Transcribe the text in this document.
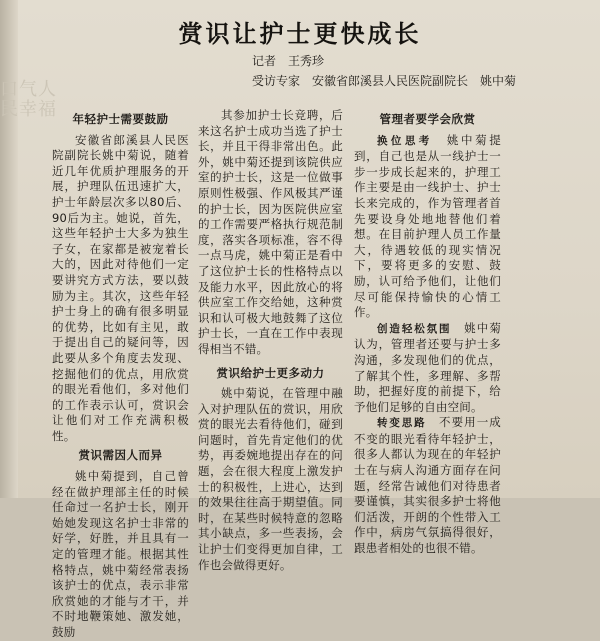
口气人民幸福
赏识让护士更快成长
记者　王秀珍
受访专家　安徽省郎溪县人民医院副院长　姚中菊
年轻护士需要鼓励

安徽省郎溪县人民医院副院长姚中菊说，随着近几年优质护理服务的开展，护理队伍迅速扩大，护士年龄层次多以80后、90后为主。她说，首先，这些年轻护士大多为独生子女，在家都是被宠着长大的，因此对待他们一定要讲究方式方法，要以鼓励为主。其次，这些年轻护士身上的确有很多明显的优势，比如有主见，敢于提出自己的疑问等，因此要从多个角度去发现、挖掘他们的优点，用欣赏的眼光看他们，多对他们的工作表示认可，赏识会让他们对工作充满积极性。

赏识需因人而异

姚中菊提到，自己曾经在做护理部主任的时候任命过一名护士长，刚开始她发现这名护士非常的好学，好胜，并且具有一定的管理才能。根据其性格特点，姚中菊经常表扬该护士的优点，表示非常欣赏她的才能与才干，并不时地鞭策她、激发她，鼓励

其参加护士长竞聘，后来这名护士成功当选了护士长，并且干得非常出色。此外，姚中菊还提到该院供应室的护士长，这是一位做事原则性极强、作风极其严谨的护士长，因为医院供应室的工作需要严格执行规范制度，落实各项标准，容不得一点马虎，姚中菊正是看中了这位护士长的性格特点以及能力水平，因此放心的将供应室工作交给她，这种赏识和认可极大地鼓舞了这位护士长，一直在工作中表现得相当不错。

赏识给护士更多动力

姚中菊说，在管理中融入对护理队伍的赏识，用欣赏的眼光去看待他们，碰到问题时，首先肯定他们的优势，再委婉地提出存在的问题，会在很大程度上激发护士的积极性，上进心，达到的效果往往高于期望值。同时，在某些时候特意的忽略其小缺点，多一些表扬，会让护士们变得更加自律，工作也会做得更好。

管理者要学会欣赏

换位思考　 姚中菊提到，自己也是从一线护士一步一步成长起来的，护理工作主要是由一线护士、护士长来完成的，作为管理者首先要设身处地地替他们着想。在目前护理人员工作量大，待遇较低的现实情况下，要将更多的安慰、鼓励，认可给予他们，让他们尽可能保持愉快的心情工作。

创造轻松氛围　 姚中菊认为，管理者还要与护士多沟通，多发现他们的优点，了解其个性，多理解、多帮助，把握好度的前提下，给予他们足够的自由空间。

转变思路　 不要用一成不变的眼光看待年轻护士，很多人都认为现在的年轻护士在与病人沟通方面存在问题，经常告诫他们对待患者要谨慎，其实很多护士将他们活泼，开朗的个性带入工作中，病房气氛搞得很好，跟患者相处的也很不错。
